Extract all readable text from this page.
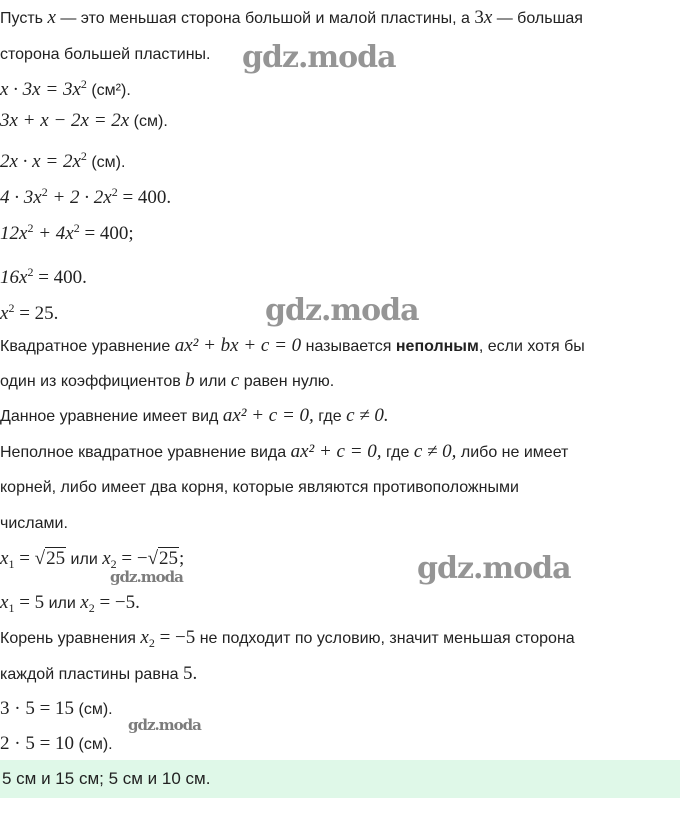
Пусть x — это меньшая сторона большой и малой пластины, а 3x — большая
сторона большей пластины.
$x \cdot 3x = 3x^2$ (см²).
3x + x − 2x = 2x (см).
$2x \cdot x = 2x^2$ (см).
$4 \cdot 3x^2 + 2 \cdot 2x^2 = 400$.
$12x^2 + 4x^2 = 400$;
$16x^2 = 400$.
$x^2 = 25$.
Квадратное уравнение ax² + bx + c = 0 называется неполным, если хотя бы
один из коэффициентов b или c равен нулю.
Данное уравнение имеет вид ax² + c = 0, где c ≠ 0.
Неполное квадратное уравнение вида ax² + c = 0, где c ≠ 0, либо не имеет
корней, либо имеет два корня, которые являются противоположными
числами.
$x_1 = √25$ или $x_2 = -√25$;
$x_1 = 5$ или $x_2 = -5$.
Корень уравнения $x_2 = -5$ не подходит по условию, значит меньшая сторона
каждой пластины равна 5.
3 · 5 = 15 (см).
2 · 5 = 10 (см).
5 см и 15 см; 5 см и 10 см.
gdz.moda
gdz.moda
gdz.moda
gdz.moda
gdz.moda
